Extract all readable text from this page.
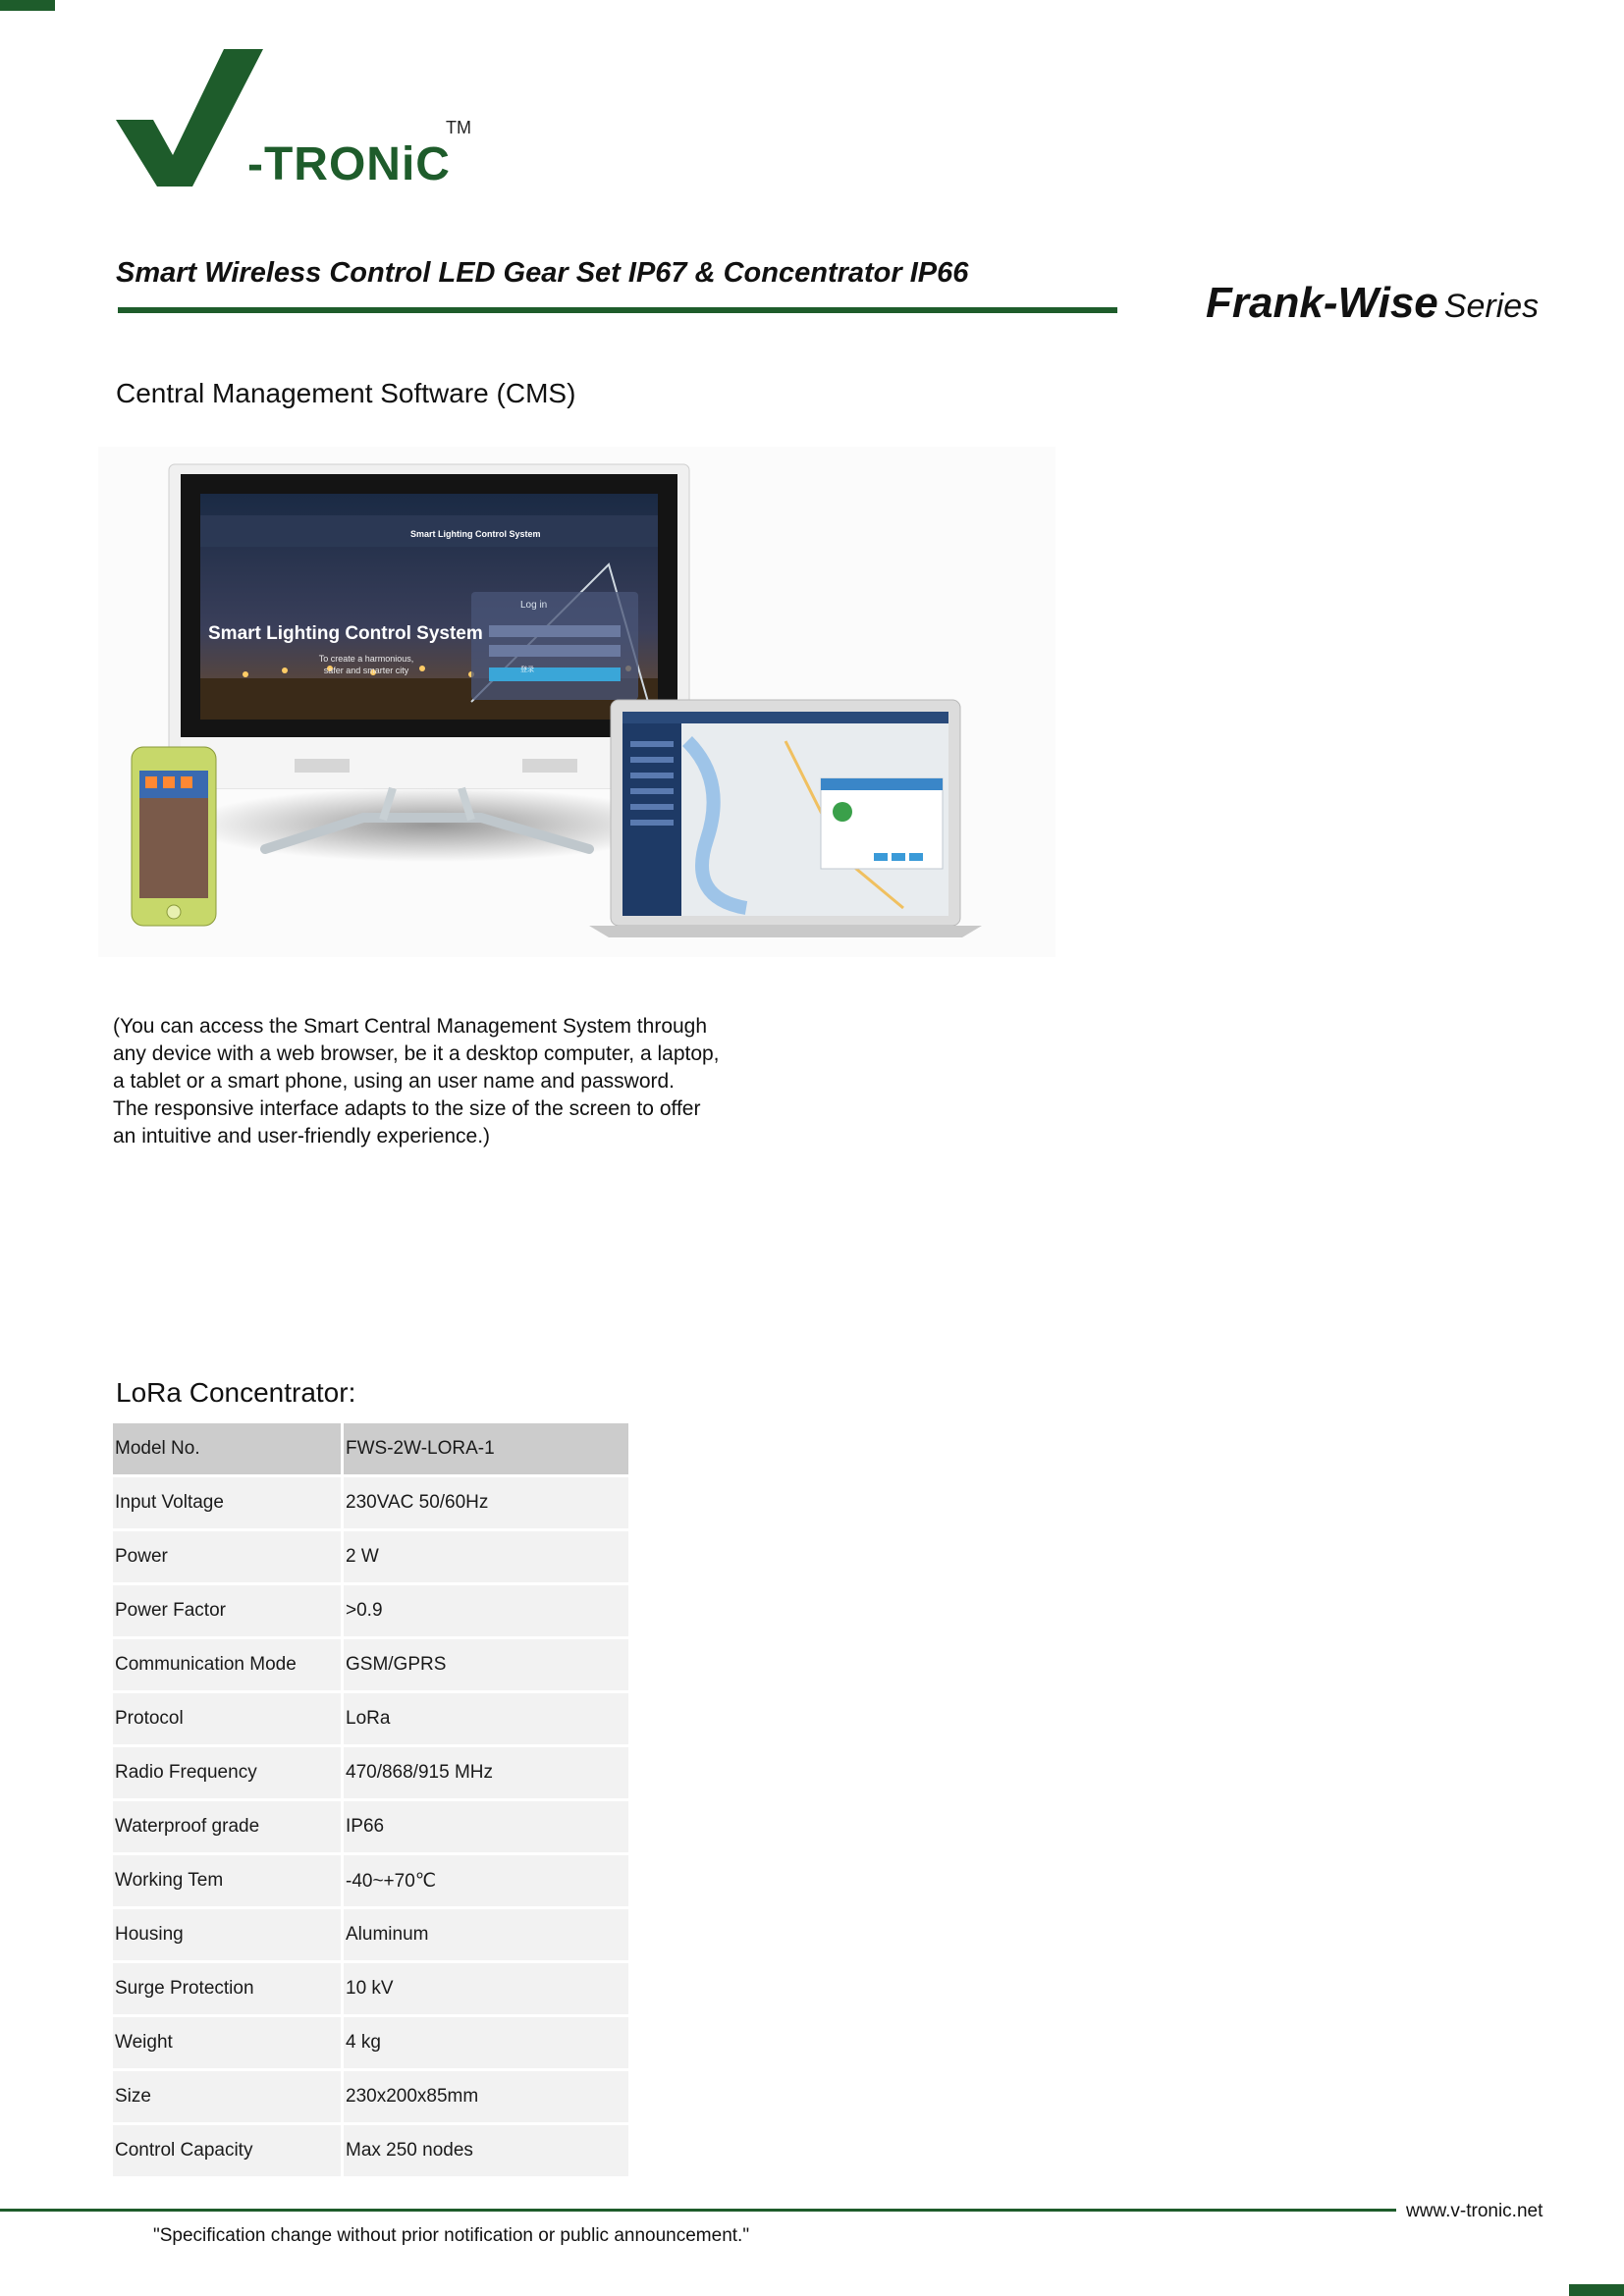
-TRONiC
TM
Smart Wireless Control LED Gear Set IP67 & Concentrator IP66
Frank-Wise Series
Central Management Software (CMS)
Smart Lighting Control System
Smart Lighting Control System
To create a harmonious,
safer and smarter city
Log in
登录
(You can access the Smart Central Management System through
any device with a web browser, be it a desktop computer, a laptop,
a tablet or a smart phone, using an user name and password.
The responsive interface adapts to the size of the screen to offer
an intuitive and user-friendly experience.)
LoRa Concentrator:
Model No.	FWS-2W-LORA-1
Input Voltage	230VAC 50/60Hz
Power	2 W
Power Factor	>0.9
Communication Mode	GSM/GPRS
Protocol	LoRa
Radio Frequency	470/868/915 MHz
Waterproof grade	IP66
Working Tem	-40~+70℃
Housing	Aluminum
Surge Protection	10 kV
Weight	4 kg
Size	230x200x85mm
Control Capacity	Max 250 nodes
www.v-tronic.net
"Specification change without prior notification or public announcement."
